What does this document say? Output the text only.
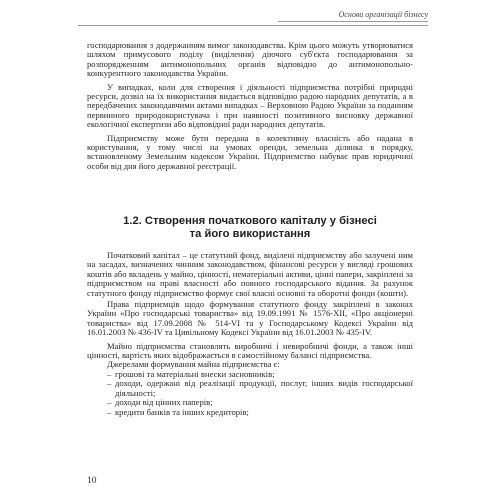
Основи організації бізнесу

господарювання з додержанням вимог законодавства. Крім цього можуть утворюватися шляхом примусового поділу (виділення) діючого суб'єкта господарювання за розпорядженням антимонопольних органів відповідно до антимонопольно-конкурентного законодавства України.

У випадках, коли для створення і діяльності підприємства потрібні природні ресурси, дозвіл на їх використання видається відповідно радою народних депутатів, а в передбачених законодавчими актами випадках – Верховною Радою України за поданням первинного природокористувача і при наявності позитивного висновку державної екологічної експертизи або відповідної ради народних депутатів.

Підприємству може бути передана в колективну власність або надана в користування, у тому числі на умовах оренди, земельна ділянка в порядку, встановленому Земельним кодексом України. Підприємство набуває прав юридичної особи від дня його державної реєстрації.

1.2. Створення початкового капіталу у бізнесі
та його використання

Початковий капітал – це статутний фонд, виділені підприємству або залучені ним на засадах, визначених чинним законодавством, фінансові ресурси у вигляді грошових коштів або вкладень у майно, цінності, нематеріальні активи, цінні папери, закріплені за підприємством на праві власності або повного господарського відання. За рахунок статутного фонду підприємство формує свої власні основні та оборотні фонди (кошти).

Права підприємців щодо формування статутного фонду закріплені в законах України «Про господарські товариства» від 19.09.1991 № 1576-XII, «Про акціонерні товариства» від 17.09.2008 № 514-VI та у Господарському Кодексі України від 16.01.2003 № 436-IV та Цивільному Кодексі України від 16.01.2003 № 435-IV.

Майно підприємства становлять виробничі і невиробничі фонди, а також інші цінності, вартість яких відображається в самостійному балансі підприємства.

Джерелами формування майна підприємства є:

– грошові та матеріальні внески засновників;
– доходи, одержані від реалізації продукції, послуг, інших видів господарської діяльності;
– доходи від цінних паперів;
– кредити банків та інших кредиторів;
10
